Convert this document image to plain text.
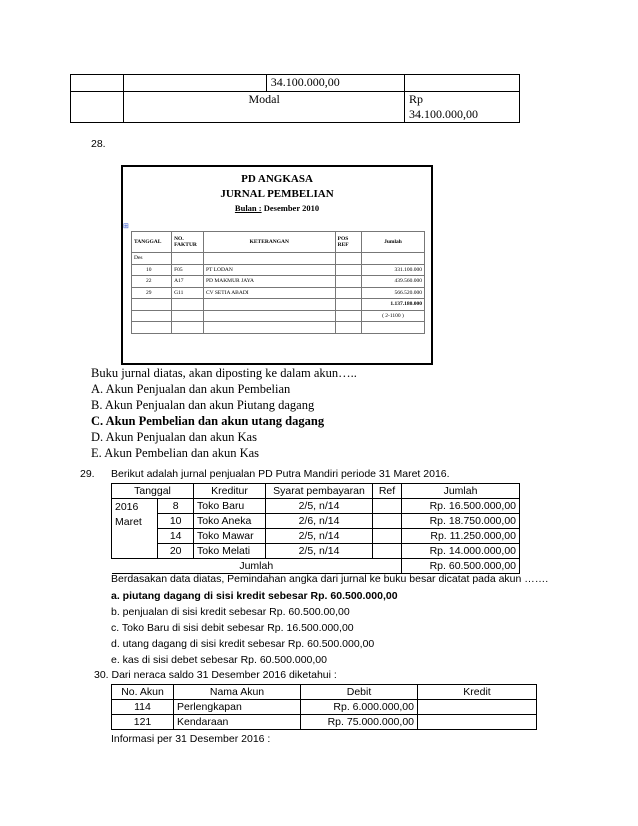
		34.100.000,00	
	Modal		Rp
34.100.000,00
28.
PD ANGKASA
JURNAL PEMBELIAN
Bulan : Desember 2010
⊞
TANGGAL	NO. FAKTUR	KETERANGAN	POS REF	Jumlah
Des				
10	F05	PT LODAN		331.100.000
22	A17	PD MAKMUR JAYA		439.560.000
29	G11	CV SETIA ABADI		566.520.000
				1.137.180.000
				( 2-1100 )

Buku jurnal diatas, akan diposting ke dalam akun…..
A. Akun Penjualan dan akun Pembelian
B. Akun Penjualan dan akun Piutang dagang
C. Akun Pembelian dan akun utang dagang
D. Akun Penjualan dan akun Kas
E. Akun Pembelian dan akun Kas
29. Berikut adalah jurnal penjualan PD Putra Mandiri periode 31 Maret 2016.
Tanggal		Kreditur	Syarat pembayaran	Ref	Jumlah
2016
Maret	8	Toko Baru	2/5, n/14		Rp. 16.500.000,00
	10	Toko Aneka	2/6, n/14		Rp. 18.750.000,00
	14	Toko Mawar	2/5, n/14		Rp. 11.250.000,00
	20	Toko Melati	2/5, n/14		Rp. 14.000.000,00
Jumlah					Rp. 60.500.000,00
Berdasakan data diatas, Pemindahan angka dari jurnal ke buku besar dicatat pada akun …….
a. piutang dagang di sisi kredit sebesar Rp. 60.500.000,00
b. penjualan di sisi kredit sebesar Rp. 60.500.00,00
c. Toko Baru di sisi debit sebesar Rp. 16.500.000,00
d. utang dagang di sisi kredit sebesar Rp. 60.500.000,00
e. kas di sisi debet sebesar Rp. 60.500.000,00
30. Dari neraca saldo 31 Desember 2016 diketahui :
No. Akun	Nama Akun	Debit	Kredit
114	Perlengkapan	Rp. 6.000.000,00	
121	Kendaraan	Rp. 75.000.000,00	
Informasi per 31 Desember 2016 :
